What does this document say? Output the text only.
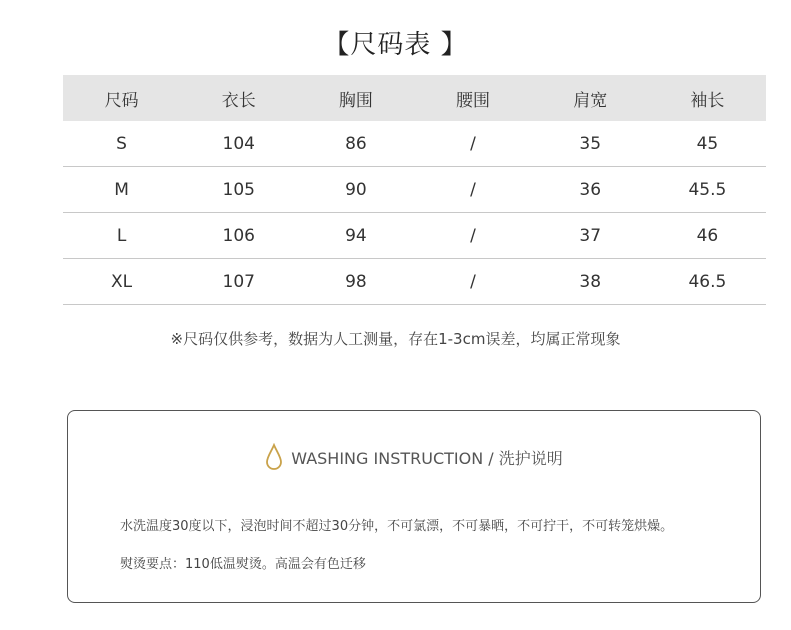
【尺码表 】
尺码	衣长	胸围	腰围	肩宽	袖长
S	104	86	/	35	45
M	105	90	/	36	45.5
L	106	94	/	37	46
XL	107	98	/	38	46.5
※尺码仅供参考，数据为人工测量，存在1-3cm误差，均属正常现象
WASHING INSTRUCTION / 洗护说明
水洗温度30度以下，浸泡时间不超过30分钟，不可氯漂，不可暴晒，不可拧干，不可转笼烘燥。
熨烫要点：110低温熨烫。高温会有色迁移
